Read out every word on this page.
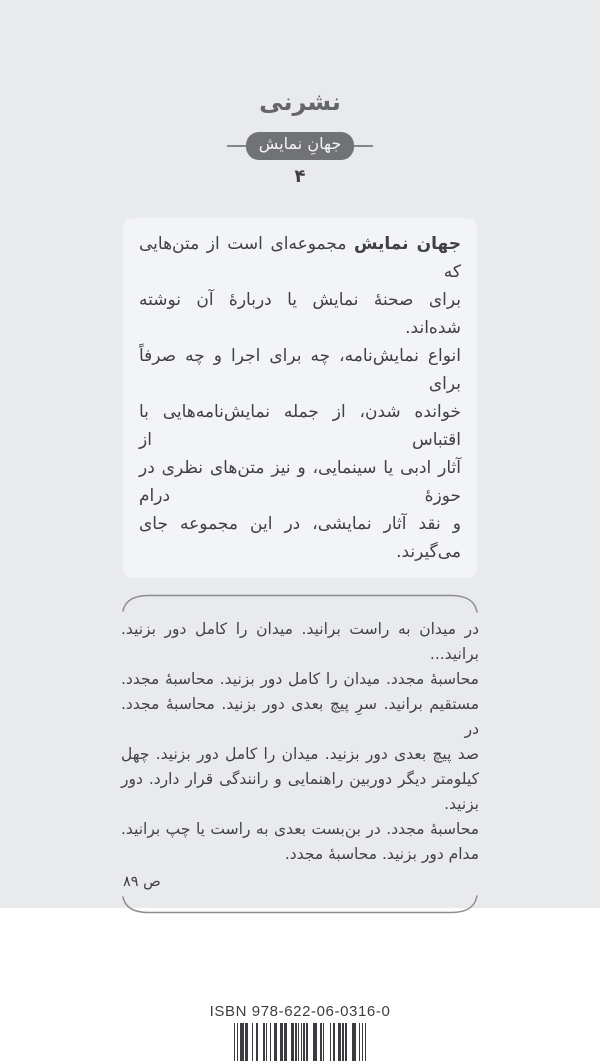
نشرنی
جهانِ نمایش
۴
جهان نمایش مجموعه‌ای است از متن‌هایی که
برای صحنهٔ نمایش یا دربارهٔ آن نوشته شده‌اند.
انواع نمایش‌نامه، چه برای اجرا و چه صرفاً برای
خوانده شدن، از جمله نمایش‌نامه‌هایی با اقتباس از
آثار ادبی یا سینمایی، و نیز متن‌های نظری در حوزهٔ درام
و نقد آثار نمایشی، در این مجموعه جای می‌گیرند.
در میدان به راست برانید. میدان را کامل دور بزنید. برانید...
محاسبهٔ مجدد. میدان را کامل دور بزنید. محاسبهٔ مجدد.
مستقیم برانید. سرِ پیچ بعدی دور بزنید. محاسبهٔ مجدد. در
صد پیچ بعدی دور بزنید. میدان را کامل دور بزنید. چهل
کیلومتر دیگر دوربین راهنمایی و رانندگی قرار دارد. دور بزنید.
محاسبهٔ مجدد. در بن‌بست بعدی به راست یا چپ برانید.
مدام دور بزنید. محاسبهٔ مجدد.
ص ۸۹
ISBN 978-622-06-0316-0
